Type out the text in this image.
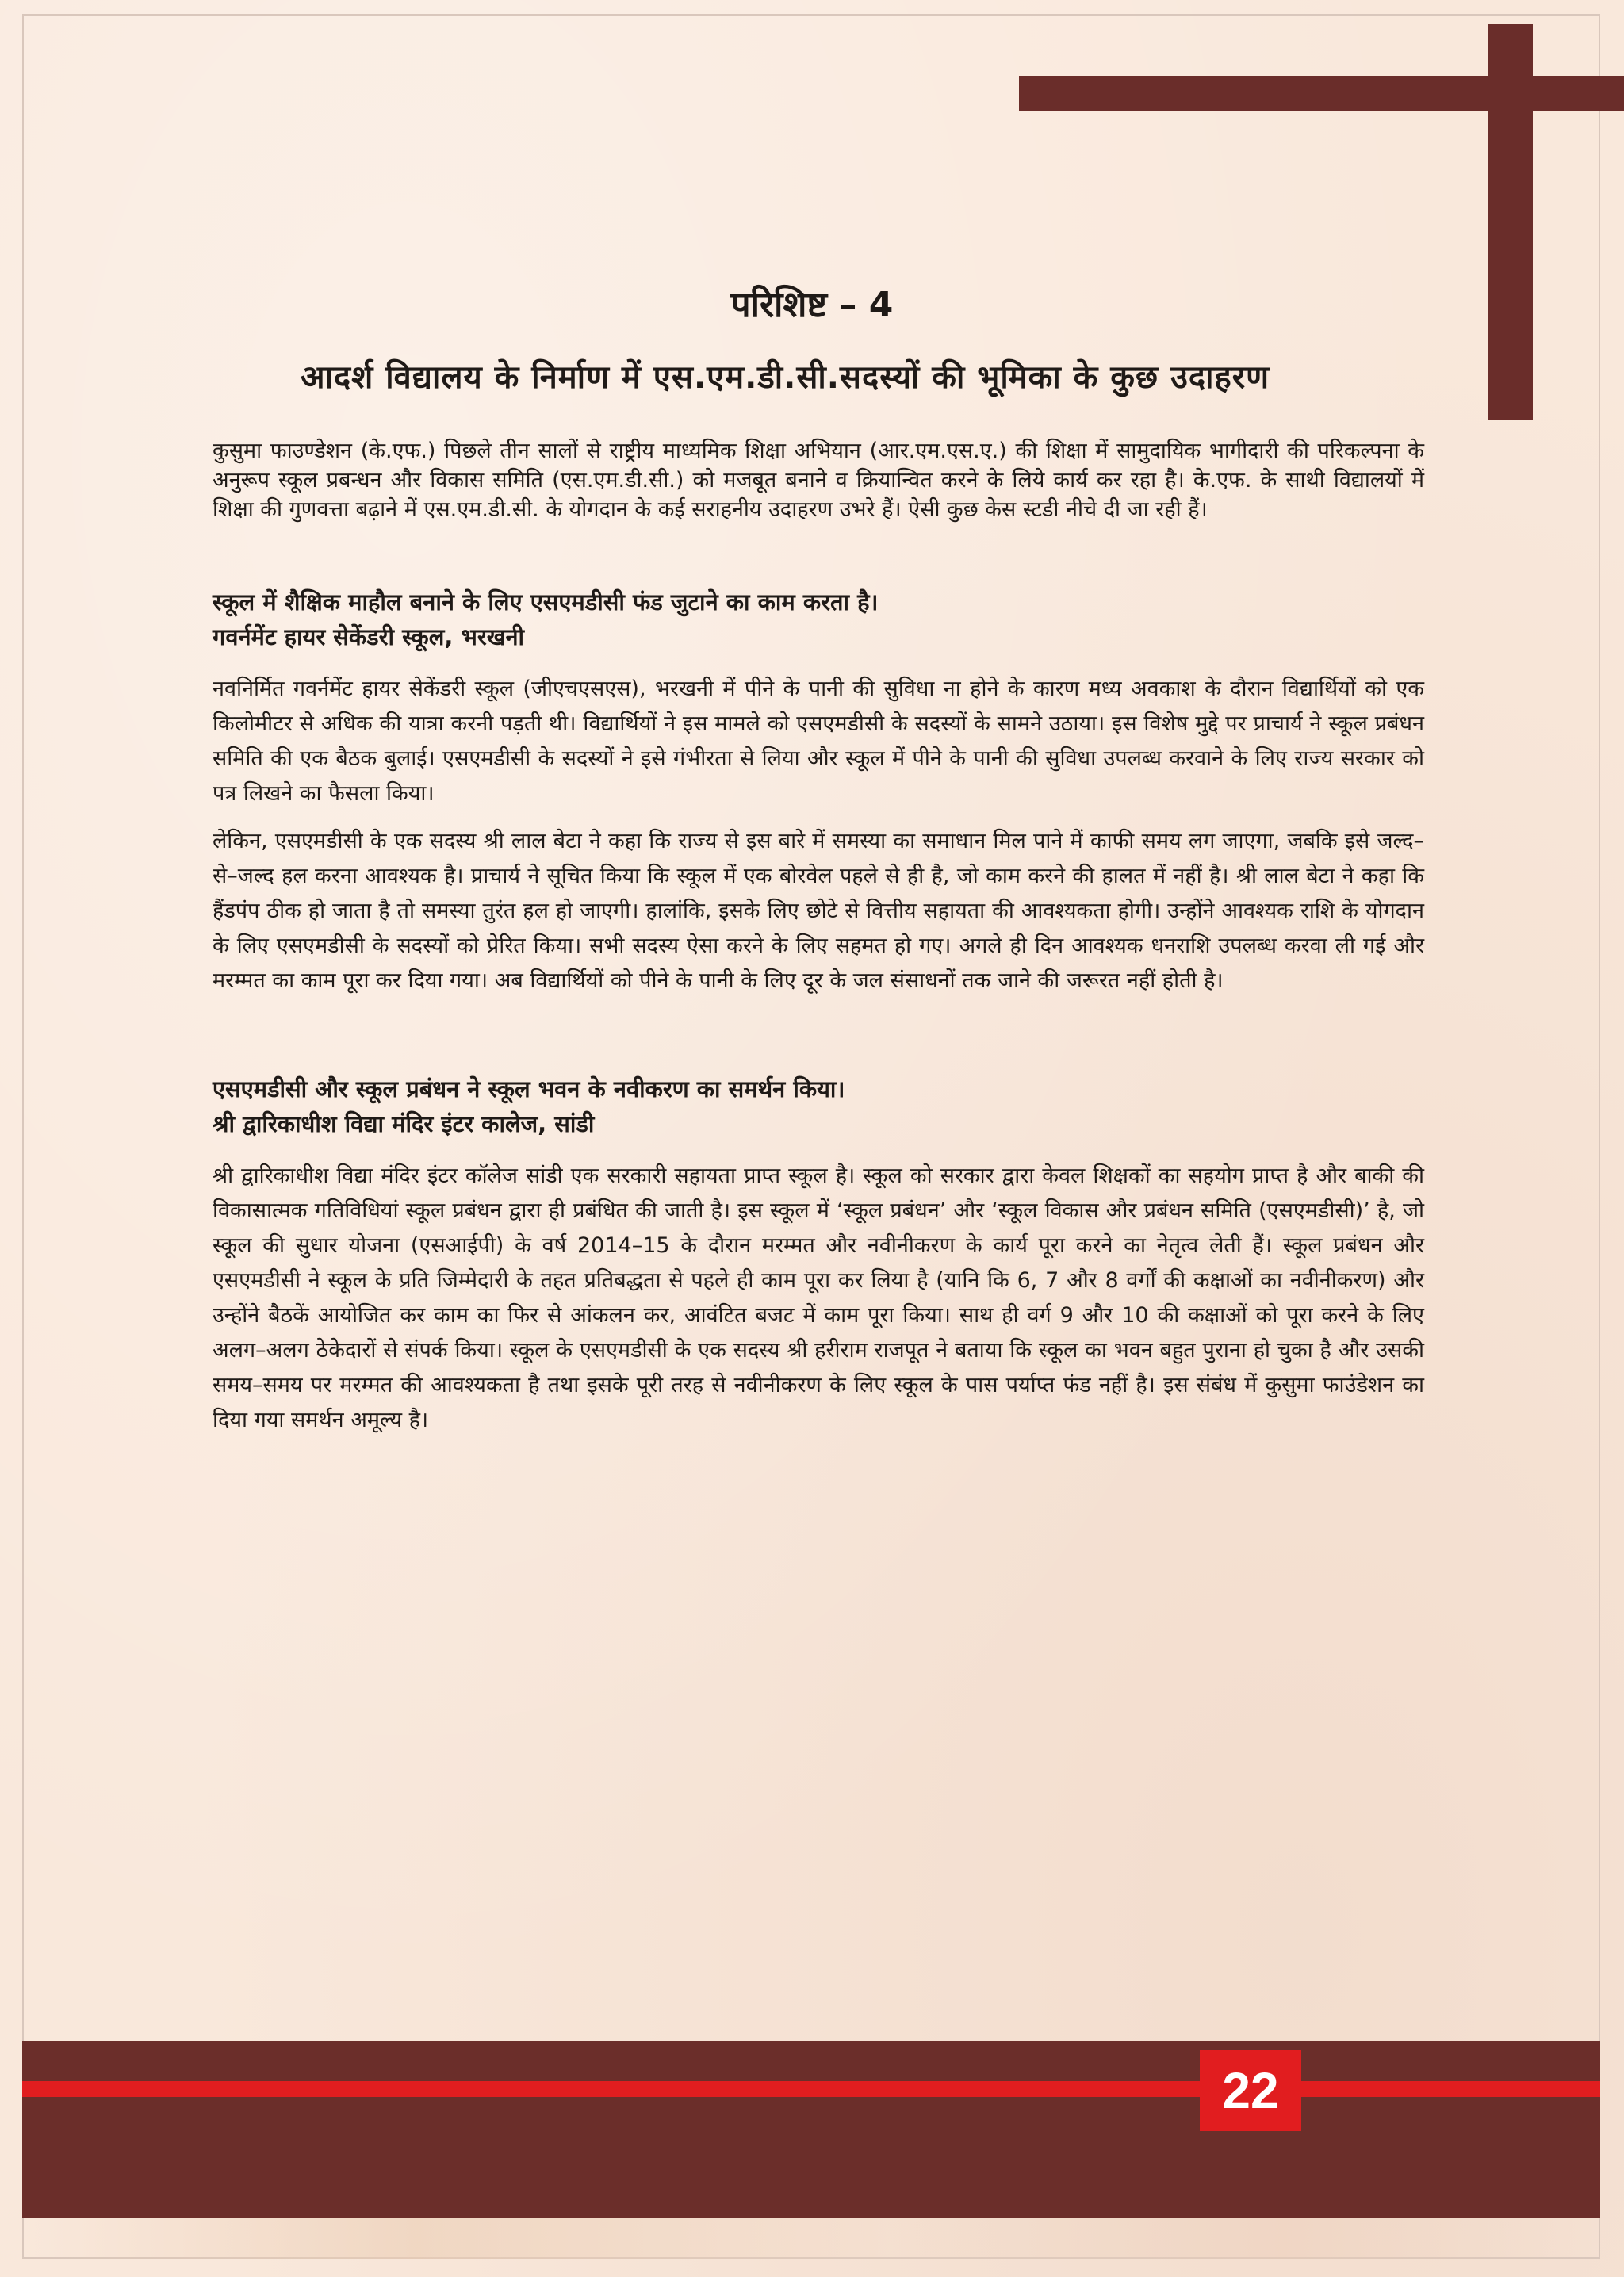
परिशिष्ट – 4
आदर्श विद्यालय के निर्माण में एस.एम.डी.सी.सदस्यों की भूमिका के कुछ उदाहरण

कुसुमा फाउण्डेशन (के.एफ.) पिछले तीन सालों से राष्ट्रीय माध्यमिक शिक्षा अभियान (आर.एम.एस.ए.) की शिक्षा में सामुदायिक भागीदारी की परिकल्पना के अनुरूप स्कूल प्रबन्धन और विकास समिति (एस.एम.डी.सी.) को मजबूत बनाने व क्रियान्वित करने के लिये कार्य कर रहा है। के.एफ. के साथी विद्यालयों में शिक्षा की गुणवत्ता बढ़ाने में एस.एम.डी.सी. के योगदान के कई सराहनीय उदाहरण उभरे हैं। ऐसी कुछ केस स्टडी नीचे दी जा रही हैं।

स्कूल में शैक्षिक माहौल बनाने के लिए एसएमडीसी फंड जुटाने का काम करता है।
गवर्नमेंट हायर सेकेंडरी स्कूल, भरखनी

नवनिर्मित गवर्नमेंट हायर सेकेंडरी स्कूल (जीएचएसएस), भरखनी में पीने के पानी की सुविधा ना होने के कारण मध्य अवकाश के दौरान विद्यार्थियों को एक किलोमीटर से अधिक की यात्रा करनी पड़ती थी। विद्यार्थियों ने इस मामले को एसएमडीसी के सदस्यों के सामने उठाया। इस विशेष मुद्दे पर प्राचार्य ने स्कूल प्रबंधन समिति की एक बैठक बुलाई। एसएमडीसी के सदस्यों ने इसे गंभीरता से लिया और स्कूल में पीने के पानी की सुविधा उपलब्ध करवाने के लिए राज्य सरकार को पत्र लिखने का फैसला किया।

लेकिन, एसएमडीसी के एक सदस्य श्री लाल बेटा ने कहा कि राज्य से इस बारे में समस्या का समाधान मिल पाने में काफी समय लग जाएगा, जबकि इसे जल्द–से–जल्द हल करना आवश्यक है। प्राचार्य ने सूचित किया कि स्कूल में एक बोरवेल पहले से ही है, जो काम करने की हालत में नहीं है। श्री लाल बेटा ने कहा कि हैंडपंप ठीक हो जाता है तो समस्या तुरंत हल हो जाएगी। हालांकि, इसके लिए छोटे से वित्तीय सहायता की आवश्यकता होगी। उन्होंने आवश्यक राशि के योगदान के लिए एसएमडीसी के सदस्यों को प्रेरित किया। सभी सदस्य ऐसा करने के लिए सहमत हो गए। अगले ही दिन आवश्यक धनराशि उपलब्ध करवा ली गई और मरम्मत का काम पूरा कर दिया गया। अब विद्यार्थियों को पीने के पानी के लिए दूर के जल संसाधनों तक जाने की जरूरत नहीं होती है।

एसएमडीसी और स्कूल प्रबंधन ने स्कूल भवन के नवीकरण का समर्थन किया।
श्री द्वारिकाधीश विद्या मंदिर इंटर कालेज, सांडी

श्री द्वारिकाधीश विद्या मंदिर इंटर कॉलेज सांडी एक सरकारी सहायता प्राप्त स्कूल है। स्कूल को सरकार द्वारा केवल शिक्षकों का सहयोग प्राप्त है और बाकी की विकासात्मक गतिविधियां स्कूल प्रबंधन द्वारा ही प्रबंधित की जाती है। इस स्कूल में ‘स्कूल प्रबंधन’ और ‘स्कूल विकास और प्रबंधन समिति (एसएमडीसी)’ है, जो स्कूल की सुधार योजना (एसआईपी) के वर्ष 2014–15 के दौरान मरम्मत और नवीनीकरण के कार्य पूरा करने का नेतृत्व लेती हैं। स्कूल प्रबंधन और एसएमडीसी ने स्कूल के प्रति जिम्मेदारी के तहत प्रतिबद्धता से पहले ही काम पूरा कर लिया है (यानि कि 6, 7 और 8 वर्गों की कक्षाओं का नवीनीकरण) और उन्होंने बैठकें आयोजित कर काम का फिर से आंकलन कर, आवंटित बजट में काम पूरा किया। साथ ही वर्ग 9 और 10 की कक्षाओं को पूरा करने के लिए अलग–अलग ठेकेदारों से संपर्क किया। स्कूल के एसएमडीसी के एक सदस्य श्री हरीराम राजपूत ने बताया कि स्कूल का भवन बहुत पुराना हो चुका है और उसकी समय–समय पर मरम्मत की आवश्यकता है तथा इसके पूरी तरह से नवीनीकरण के लिए स्कूल के पास पर्याप्त फंड नहीं है। इस संबंध में कुसुमा फाउंडेशन का दिया गया समर्थन अमूल्य है।

22
